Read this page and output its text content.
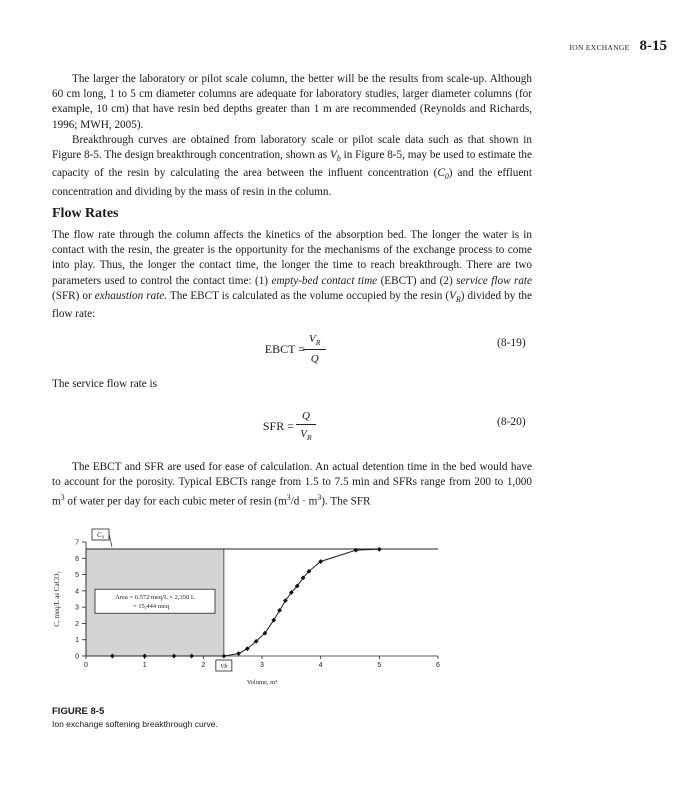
ION EXCHANGE 8-15

The larger the laboratory or pilot scale column, the better will be the results from scale-up. Although 60 cm long, 1 to 5 cm diameter columns are adequate for laboratory studies, larger diameter columns (for example, 10 cm) that have resin bed depths greater than 1 m are recommended (Reynolds and Richards, 1996; MWH, 2005).

Breakthrough curves are obtained from laboratory scale or pilot scale data such as that shown in Figure 8-5. The design breakthrough concentration, shown as $V_b$ in Figure 8-5, may be used to estimate the capacity of the resin by calculating the area between the influent concentration $(C_0)$ and the effluent concentration and dividing by the mass of resin in the column.

Flow Rates

The flow rate through the column affects the kinetics of the absorption bed. The longer the water is in contact with the resin, the greater is the opportunity for the mechanisms of the exchange process to come into play. Thus, the longer the contact time, the longer the time to reach breakthrough. There are two parameters used to control the contact time: (1) empty-bed contact time (EBCT) and (2) service flow rate (SFR) or exhaustion rate. The EBCT is calculated as the volume occupied by the resin $(V_R)$ divided by the flow rate:

EBCT =
$\frac{V_R}{Q}$	(8-19)

The service flow rate is

SFR = $\frac{Q}{V_R}$	(8-20)

The EBCT and SFR are used for ease of calculation. An actual detention time in the bed would have to account for the porosity. Typical EBCTs range from 1.5 to 7.5 min and SFRs range from 200 to 1,000 $m^3$ of water per day for each cubic meter of resin $(m^3/d \cdot m^3)$. The SFR

0
1
2
3
4
5
6
7
0	1	2	3	4	5	6
Volume, m³
C, meq/L as CaCO₃
C₀
Vb
Area = 6.572 meq/L × 2,350 L
= 15,444 meq
FIGURE 8-5
Ion exchange softening breakthrough curve.
